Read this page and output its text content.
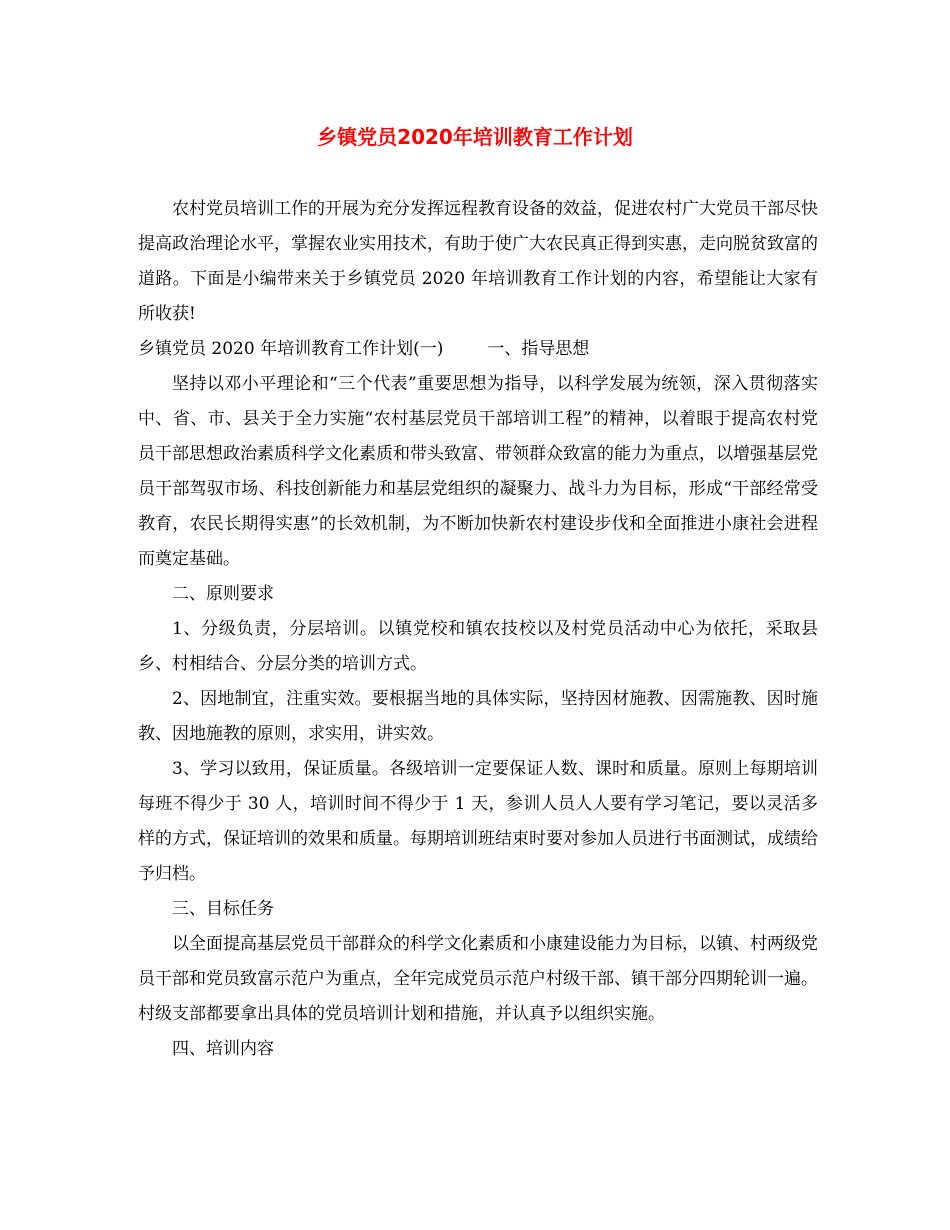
乡镇党员2020年培训教育工作计划

农村党员培训工作的开展为充分发挥远程教育设备的效益，促进农村广大党员干部尽快提高政治理论水平，掌握农业实用技术，有助于使广大农民真正得到实惠，走向脱贫致富的道路。下面是小编带来关于乡镇党员 2020 年培训教育工作计划的内容，希望能让大家有所收获!

乡镇党员 2020 年培训教育工作计划(一)	一、指导思想

坚持以邓小平理论和“三个代表”重要思想为指导，以科学发展为统领，深入贯彻落实中、省、市、县关于全力实施“农村基层党员干部培训工程”的精神，以着眼于提高农村党员干部思想政治素质科学文化素质和带头致富、带领群众致富的能力为重点，以增强基层党员干部驾驭市场、科技创新能力和基层党组织的凝聚力、战斗力为目标，形成“干部经常受教育，农民长期得实惠”的长效机制，为不断加快新农村建设步伐和全面推进小康社会进程而奠定基础。

二、原则要求

1、分级负责，分层培训。以镇党校和镇农技校以及村党员活动中心为依托，采取县乡、村相结合、分层分类的培训方式。

2、因地制宜，注重实效。要根据当地的具体实际，坚持因材施教、因需施教、因时施教、因地施教的原则，求实用，讲实效。

3、学习以致用，保证质量。各级培训一定要保证人数、课时和质量。原则上每期培训每班不得少于 30 人，培训时间不得少于 1 天，参训人员人人要有学习笔记，要以灵活多样的方式，保证培训的效果和质量。每期培训班结束时要对参加人员进行书面测试，成绩给予归档。

三、目标任务

以全面提高基层党员干部群众的科学文化素质和小康建设能力为目标，以镇、村两级党员干部和党员致富示范户为重点，全年完成党员示范户村级干部、镇干部分四期轮训一遍。村级支部都要拿出具体的党员培训计划和措施，并认真予以组织实施。

四、培训内容
